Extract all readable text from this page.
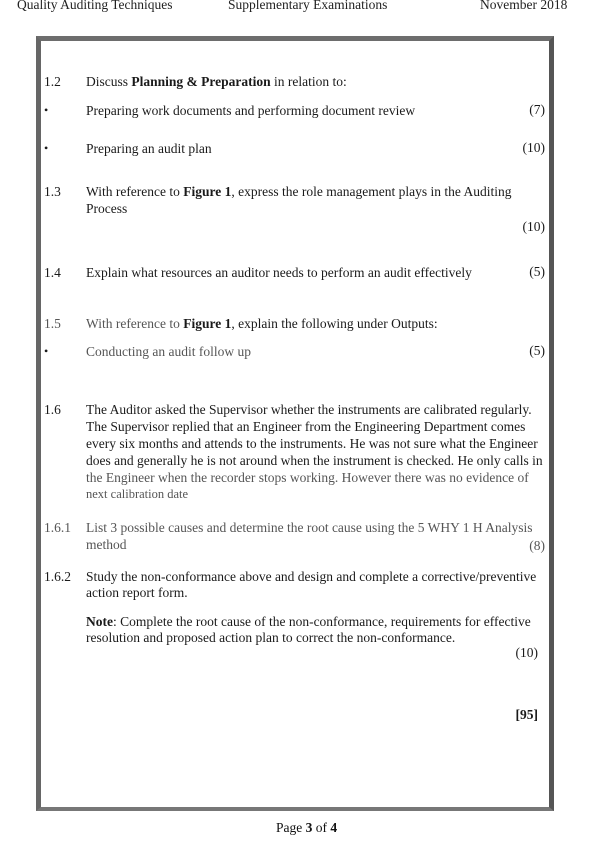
Quality Auditing Techniques	Supplementary Examinations	November 2018
1.2 Discuss Planning & Preparation in relation to:
•	Preparing work documents and performing document review	(7)
•	Preparing an audit plan	(10)
1.3 With reference to Figure 1, express the role management plays in the Auditing
Process
(10)
1.4 Explain what resources an auditor needs to perform an audit effectively	(5)
1.5 With reference to Figure 1, explain the following under Outputs:
•	Conducting an audit follow up	(5)
1.6 The Auditor asked the Supervisor whether the instruments are calibrated regularly.
The Supervisor replied that an Engineer from the Engineering Department comes
every six months and attends to the instruments. He was not sure what the Engineer
does and generally he is not around when the instrument is checked. He only calls in
the Engineer when the recorder stops working. However there was no evidence of
next calibration date
1.6.1 List 3 possible causes and determine the root cause using the 5 WHY 1 H Analysis
method	(8)
1.6.2 Study the non-conformance above and design and complete a corrective/preventive
action report form.
Note: Complete the root cause of the non-conformance, requirements for effective
resolution and proposed action plan to correct the non-conformance.
(10)
[95]
Page 3 of 4
